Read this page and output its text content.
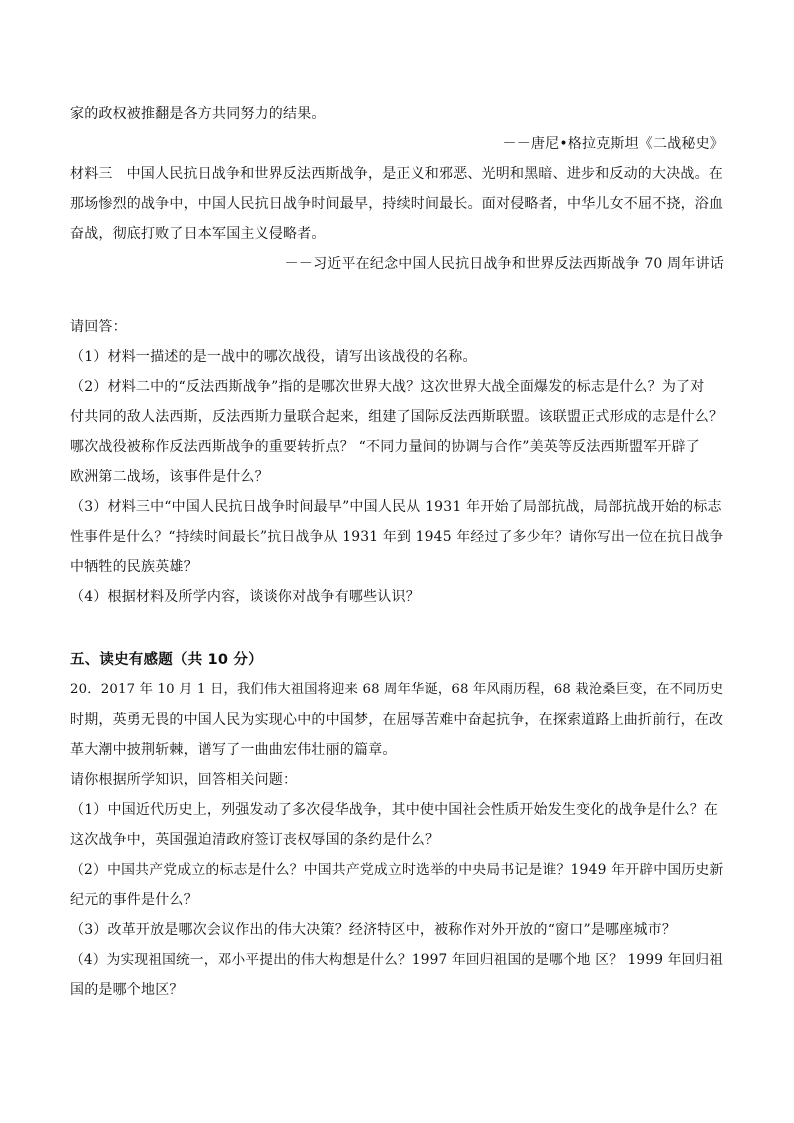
家的政权被推翻是各方共同努力的结果。
－－唐尼•格拉克斯坦《二战秘史》
材料三 中国人民抗日战争和世界反法西斯战争，是正义和邪恶、光明和黑暗、进步和反动的大决战。在
那场惨烈的战争中，中国人民抗日战争时间最早，持续时间最长。面对侵略者，中华儿女不屈不挠，浴血
奋战，彻底打败了日本军国主义侵略者。
－－习近平在纪念中国人民抗日战争和世界反法西斯战争 70 周年讲话
请回答：
（1）材料一描述的是一战中的哪次战役，请写出该战役的名称。
（2）材料二中的“反法西斯战争”指的是哪次世界大战？这次世界大战全面爆发的标志是什么？为了对
付共同的敌人法西斯，反法西斯力量联合起来，组建了国际反法西斯联盟。该联盟正式形成的志是什么？
哪次战役被称作反法西斯战争的重要转折点？ “不同力量间的协调与合作”美英等反法西斯盟军开辟了
欧洲第二战场，该事件是什么？
（3）材料三中“中国人民抗日战争时间最早”中国人民从 1931 年开始了局部抗战，局部抗战开始的标志
性事件是什么？“持续时间最长”抗日战争从 1931 年到 1945 年经过了多少年？请你写出一位在抗日战争
中牺牲的民族英雄？
（4）根据材料及所学内容，谈谈你对战争有哪些认识？
五、读史有感题（共 10 分）
20．2017 年 10 月 1 日，我们伟大祖国将迎来 68 周年华诞，68 年风雨历程，68 栽沧桑巨变，在不同历史
时期，英勇无畏的中国人民为实现心中的中国梦，在屈辱苦难中奋起抗争，在探索道路上曲折前行，在改
革大潮中披荆斩棘，谱写了一曲曲宏伟壮丽的篇章。
请你根据所学知识，回答相关问题：
（1）中国近代历史上，列强发动了多次侵华战争，其中使中国社会性质开始发生变化的战争是什么？在
这次战争中，英国强迫清政府签订丧权辱国的条约是什么？
（2）中国共产党成立的标志是什么？中国共产党成立时选举的中央局书记是谁？1949 年开辟中国历史新
纪元的事件是什么？
（3）改革开放是哪次会议作出的伟大决策？经济特区中，被称作对外开放的“窗口”是哪座城市？
（4）为实现祖国统一，邓小平提出的伟大构想是什么？1997 年回归祖国的是哪个地 区？ 1999 年回归祖
国的是哪个地区？
